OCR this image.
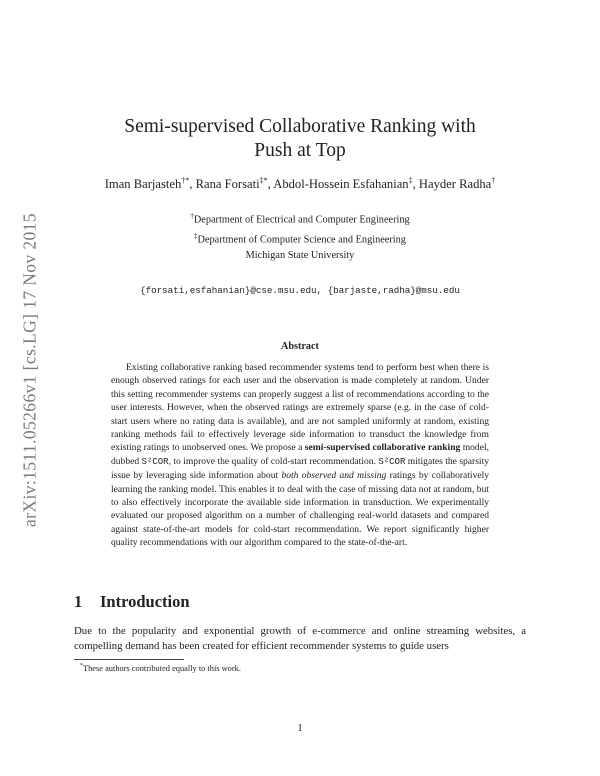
arXiv:1511.05266v1 [cs.LG] 17 Nov 2015
Semi-supervised Collaborative Ranking with
Push at Top
Iman Barjasteh†*, Rana Forsati‡*, Abdol-Hossein Esfahanian‡, Hayder Radha†
†Department of Electrical and Computer Engineering
‡Department of Computer Science and Engineering
Michigan State University
{forsati,esfahanian}@cse.msu.edu, {barjaste,radha}@msu.edu
Abstract
Existing collaborative ranking based recommender systems tend to perform best when there is enough observed ratings for each user and the observation is made completely at random. Under this setting recommender systems can properly suggest a list of recommendations according to the user interests. However, when the observed ratings are extremely sparse (e.g. in the case of cold-start users where no rating data is available), and are not sampled uniformly at random, existing ranking methods fail to effectively leverage side information to transduct the knowledge from existing ratings to unobserved ones. We propose a semi-supervised collaborative ranking model, dubbed S²COR, to improve the quality of cold-start recommendation. S²COR mitigates the sparsity issue by leveraging side information about both observed and missing ratings by collaboratively learning the ranking model. This enables it to deal with the case of missing data not at random, but to also effectively incorporate the available side information in transduction. We experimentally evaluated our proposed algorithm on a number of challenging real-world datasets and compared against state-of-the-art models for cold-start recommendation. We report significantly higher quality recommendations with our algorithm compared to the state-of-the-art.
1 Introduction
Due to the popularity and exponential growth of e-commerce and online streaming websites, a compelling demand has been created for efficient recommender systems to guide users
*These authors contributed equally to this work.
1
